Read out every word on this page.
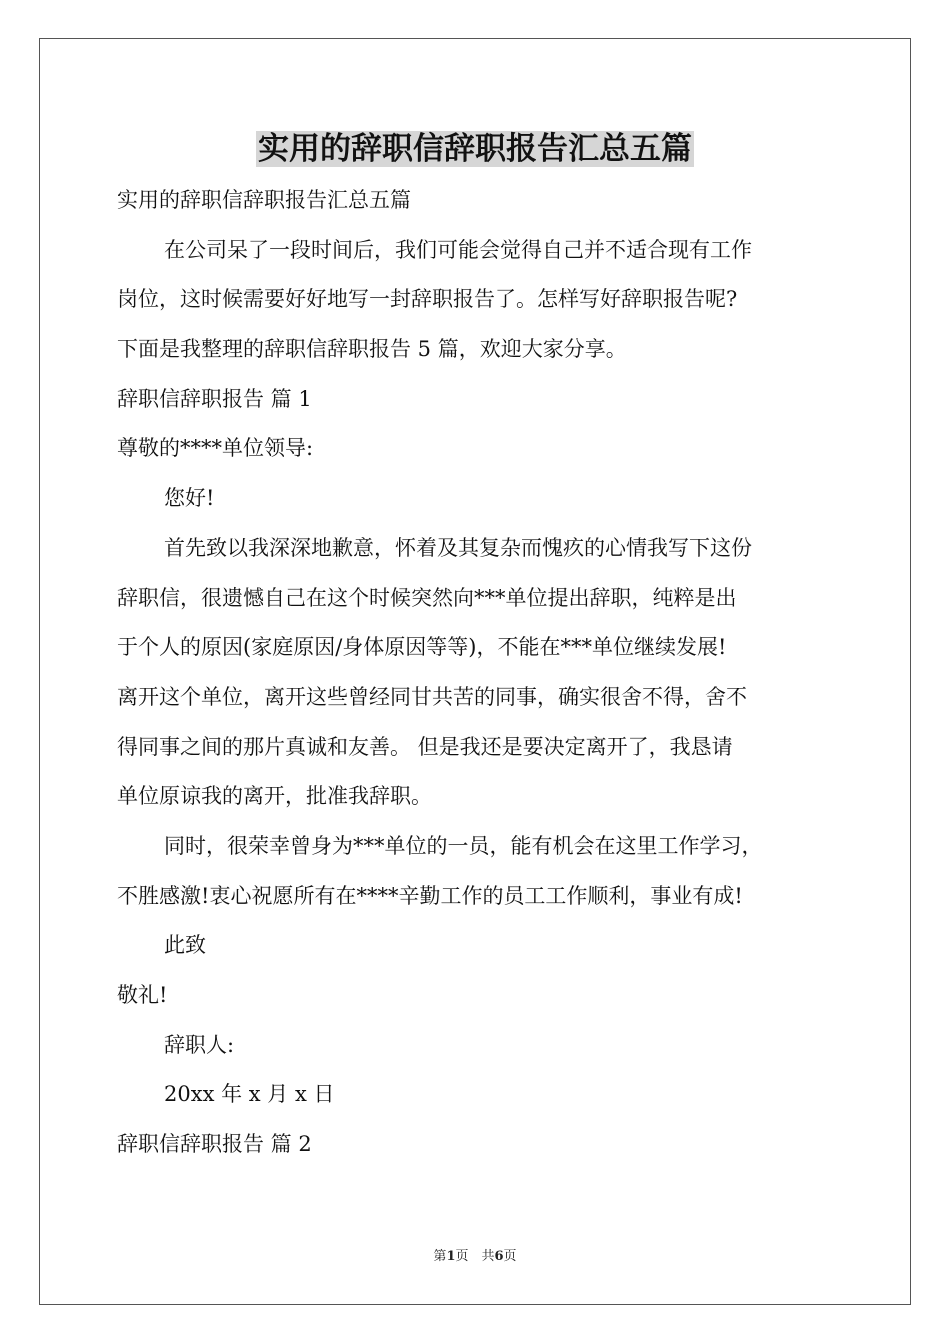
实用的辞职信辞职报告汇总五篇
实用的辞职信辞职报告汇总五篇
在公司呆了一段时间后，我们可能会觉得自己并不适合现有工作
岗位，这时候需要好好地写一封辞职报告了。怎样写好辞职报告呢?
下面是我整理的辞职信辞职报告 5 篇，欢迎大家分享。
辞职信辞职报告 篇 1
尊敬的****单位领导:
您好!
首先致以我深深地歉意，怀着及其复杂而愧疚的心情我写下这份
辞职信，很遗憾自己在这个时候突然向***单位提出辞职，纯粹是出
于个人的原因(家庭原因/身体原因等等)，不能在***单位继续发展!
离开这个单位，离开这些曾经同甘共苦的同事，确实很舍不得，舍不
得同事之间的那片真诚和友善。 但是我还是要决定离开了，我恳请
单位原谅我的离开，批准我辞职。
同时，很荣幸曾身为***单位的一员，能有机会在这里工作学习，
不胜感激!衷心祝愿所有在****辛勤工作的员工工作顺利，事业有成!
此致
敬礼!
辞职人:
20xx 年 x 月 x 日
辞职信辞职报告 篇 2
第1页　共6页
